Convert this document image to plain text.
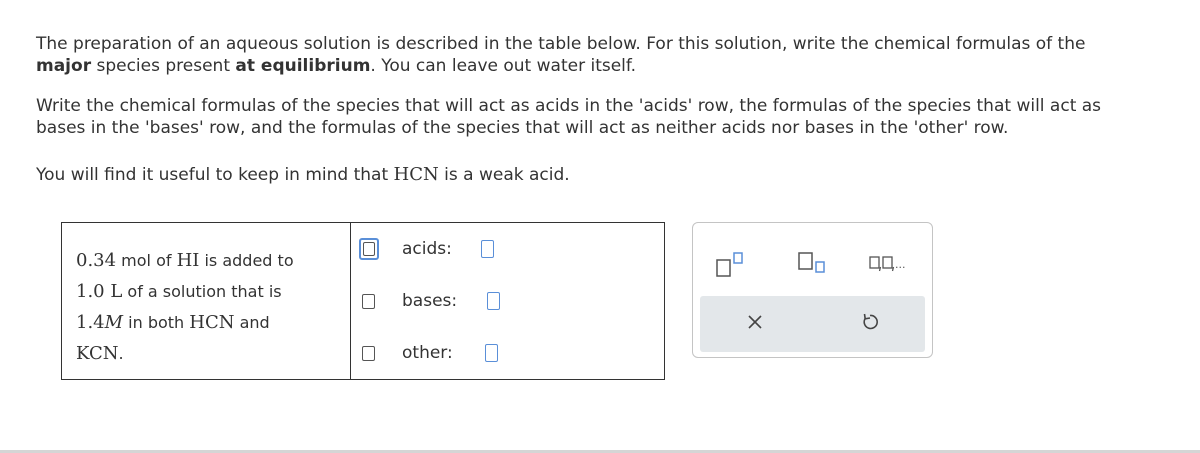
The preparation of an aqueous solution is described in the table below. For this solution, write the chemical formulas of the
major species present at equilibrium. You can leave out water itself.

Write the chemical formulas of the species that will act as acids in the 'acids' row, the formulas of the species that will act as
bases in the 'bases' row, and the formulas of the species that will act as neither acids nor bases in the 'other' row.

You will find it useful to keep in mind that HCN is a weak acid.

0.34 mol of HI is added to
1.0 L of a solution that is
1.4M in both HCN and
KCN.
acids:
bases:
other:
...
